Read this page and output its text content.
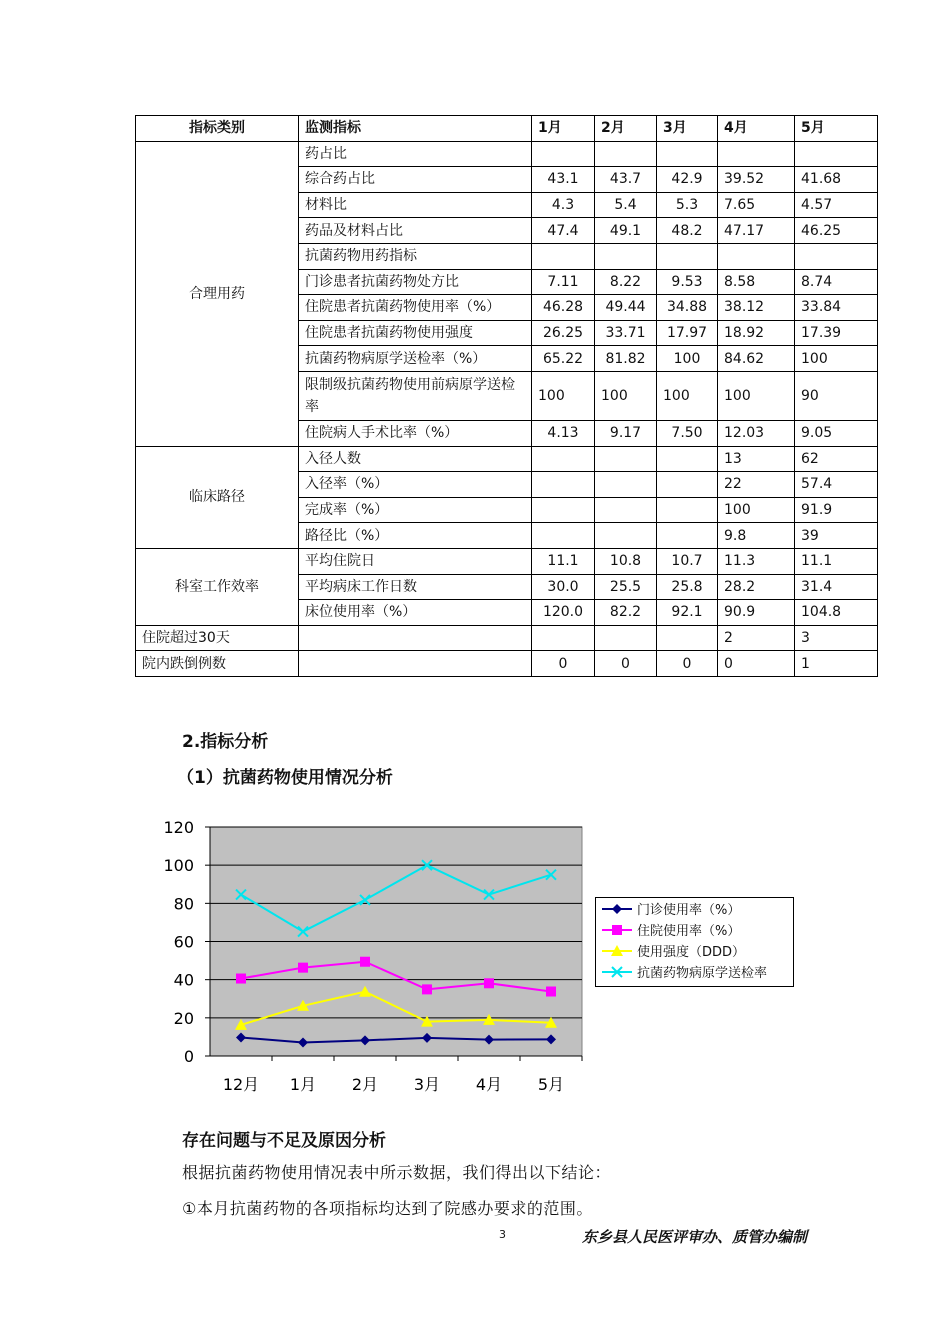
指标类别	监测指标	1月	2月	3月	4月	5月
合理用药	药占比					
	综合药占比	43.1	43.7	42.9	39.52	41.68
	材料比	4.3	5.4	5.3	7.65	4.57
	药品及材料占比	47.4	49.1	48.2	47.17	46.25
	抗菌药物用药指标					
	门诊患者抗菌药物处方比	7.11	8.22	9.53	8.58	8.74
	住院患者抗菌药物使用率（%）	46.28	49.44	34.88	38.12	33.84
	住院患者抗菌药物使用强度	26.25	33.71	17.97	18.92	17.39
	抗菌药物病原学送检率（%）	65.22	81.82	100	84.62	100
	限制级抗菌药物使用前病原学送检率	100	100	100	100	90
	住院病人手术比率（%）	4.13	9.17	7.50	12.03	9.05
临床路径	入径人数				13	62
	入径率（%）				22	57.4
	完成率（%）				100	91.9
	路径比（%）				9.8	39
科室工作效率	平均住院日	11.1	10.8	10.7	11.3	11.1
	平均病床工作日数	30.0	25.5	25.8	28.2	31.4
	床位使用率（%）	120.0	82.2	92.1	90.9	104.8
住院超过30天					2	3
院内跌倒例数		0	0	0	0	1
2.指标分析
（1）抗菌药物使用情况分析
0
20
40
60
80
100
120
12月 1月 2月 3月 4月 5月
门诊使用率（%）
住院使用率（%）
使用强度（DDD）
抗菌药物病原学送检率
存在问题与不足及原因分析
根据抗菌药物使用情况表中所示数据，我们得出以下结论：
①本月抗菌药物的各项指标均达到了院感办要求的范围。
3	东乡县人民医评审办、质管办编制
